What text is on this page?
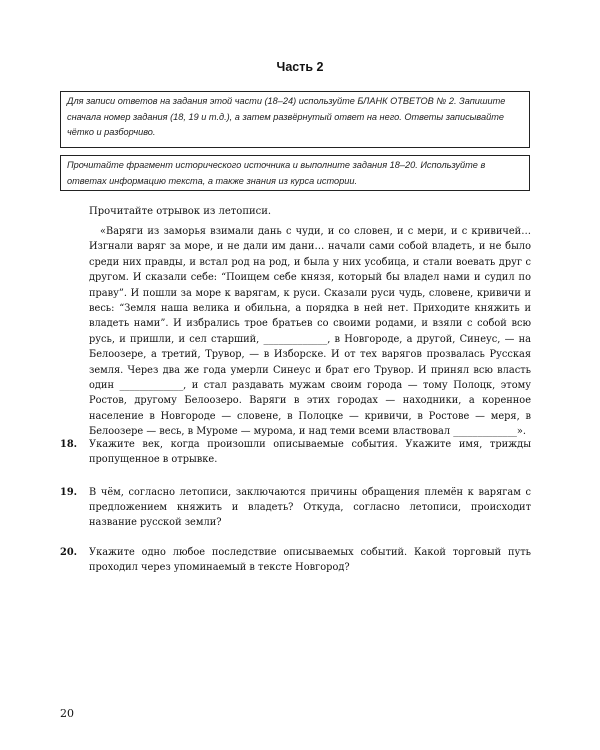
Часть 2
Для записи ответов на задания этой части (18–24) используйте БЛАНК ОТВЕТОВ № 2. Запишите сначала номер задания (18, 19 и т.д.), а затем развёрнутый ответ на него. Ответы записывайте чётко и разборчиво.
Прочитайте фрагмент исторического источника и выполните задания 18–20. Используйте в ответах информацию текста, а также знания из курса истории.
Прочитайте отрывок из летописи.

«Варяги из заморья взимали дань с чуди, и со словен, и с мери, и с кривичей… Изгнали варяг за море, и не дали им дани… начали сами собой владеть, и не было среди них правды, и встал род на род, и была у них усобица, и стали воевать друг с другом. И сказали себе: “Поищем себе князя, который бы владел нами и судил по праву”. И пошли за море к варягам, к руси. Сказали руси чудь, словене, кривичи и весь: “Земля наша велика и обильна, а порядка в ней нет. Приходите княжить и владеть нами”. И избрались трое братьев со своими родами, и взяли с собой всю русь, и пришли, и сел старший, _____________, в Новгороде, а другой, Синеус, — на Белоозере, а третий, Трувор, — в Изборске. И от тех варягов прозвалась Русская земля. Через два же года умерли Синеус и брат его Трувор. И принял всю власть один _____________, и стал раздавать мужам своим города — тому Полоцк, этому Ростов, другому Белоозеро. Варяги в этих городах — находники, а коренное население в Новгороде — словене, в Полоцке — кривичи, в Ростове — меря, в Белоозере — весь, в Муроме — мурома, и над теми всеми властвовал _____________».

18. Укажите век, когда произошли описываемые события. Укажите имя, трижды пропущенное в отрывке.
19. В чём, согласно летописи, заключаются причины обращения племён к варягам с предложением княжить и владеть? Откуда, согласно летописи, происходит название русской земли?
20. Укажите одно любое последствие описываемых событий. Какой торговый путь проходил через упоминаемый в тексте Новгород?
20
